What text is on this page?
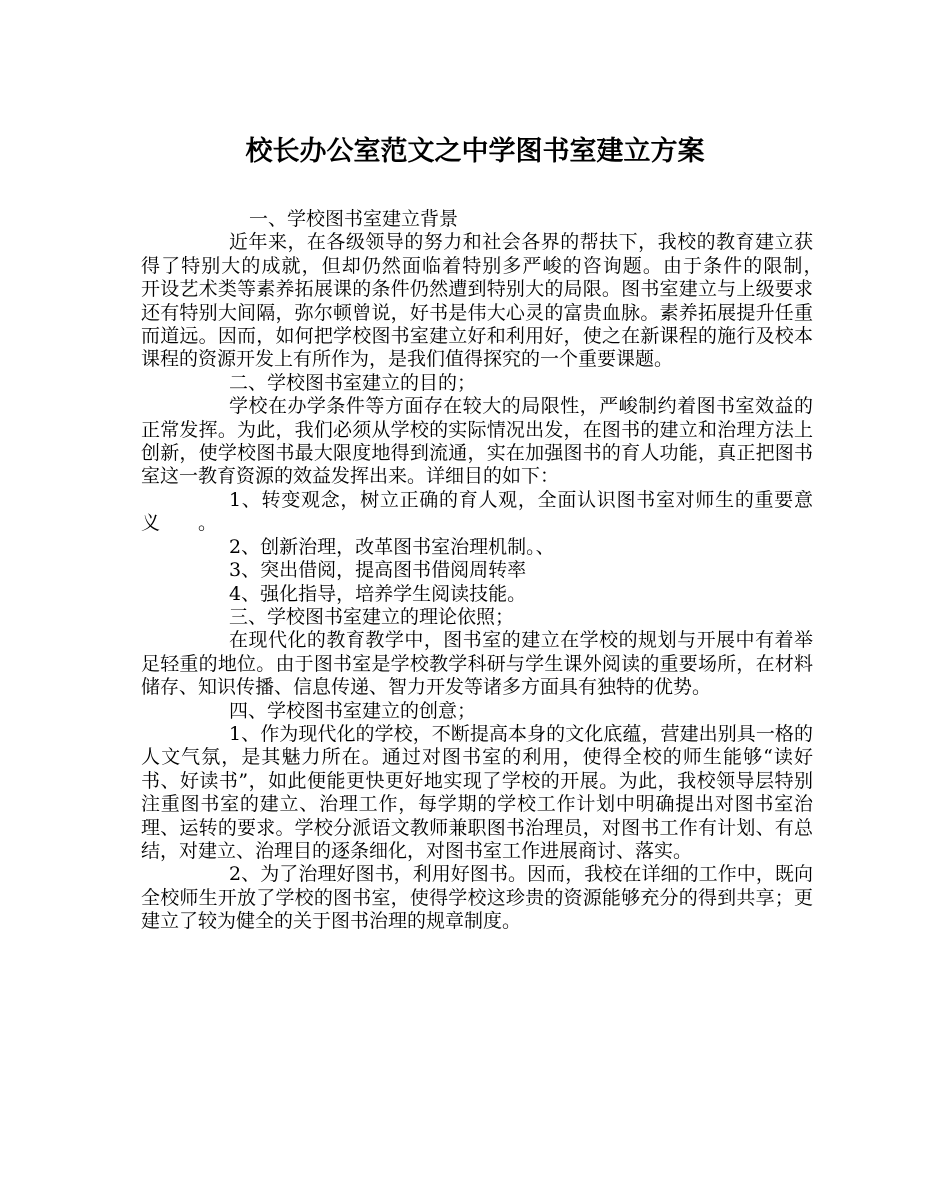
校长办公室范文之中学图书室建立方案

一、学校图书室建立背景

近年来，在各级领导的努力和社会各界的帮扶下，我校的教育建立获得了特别大的成就，但却仍然面临着特别多严峻的咨询题。由于条件的限制，　开设艺术类等素养拓展课的条件仍然遭到特别大的局限。图书室建立与上级要求还有特别大间隔，弥尔顿曾说，好书是伟大心灵的富贵血脉。素养拓展提升任重而道远。因而，如何把学校图书室建立好和利用好，使之在新课程的施行及校本课程的资源开发上有所作为，是我们值得探究的一个重要课题。

二、学校图书室建立的目的；

学校在办学条件等方面存在较大的局限性，严峻制约着图书室效益的正常发挥。为此，我们必须从学校的实际情况出发，在图书的建立和治理方法上创新，使学校图书最大限度地得到流通，实在加强图书的育人功能，真正把图书室这一教育资源的效益发挥出来。详细目的如下：

1、转变观念，树立正确的育人观，全面认识图书室对师生的重要意义　　。

2、创新治理，改革图书室治理机制。、

3、突出借阅，提高图书借阅周转率

4、强化指导，培养学生阅读技能。

三、学校图书室建立的理论依照；

在现代化的教育教学中，图书室的建立在学校的规划与开展中有着举足轻重的地位。由于图书室是学校教学科研与学生课外阅读的重要场所，在材料储存、知识传播、信息传递、智力开发等诸多方面具有独特的优势。

四、学校图书室建立的创意；

1、作为现代化的学校，不断提高本身的文化底蕴，营建出别具一格的人文气氛，是其魅力所在。通过对图书室的利用，使得全校的师生能够“读好书、好读书”，如此便能更快更好地实现了学校的开展。为此，我校领导层特别注重图书室的建立、治理工作，每学期的学校工作计划中明确提出对图书室治理、运转的要求。学校分派语文教师兼职图书治理员，对图书工作有计划、有总结，对建立、治理目的逐条细化，对图书室工作进展商讨、落实。

2、为了治理好图书，利用好图书。因而，我校在详细的工作中，既向全校师生开放了学校的图书室，使得学校这珍贵的资源能够充分的得到共享；更建立了较为健全的关于图书治理的规章制度。
